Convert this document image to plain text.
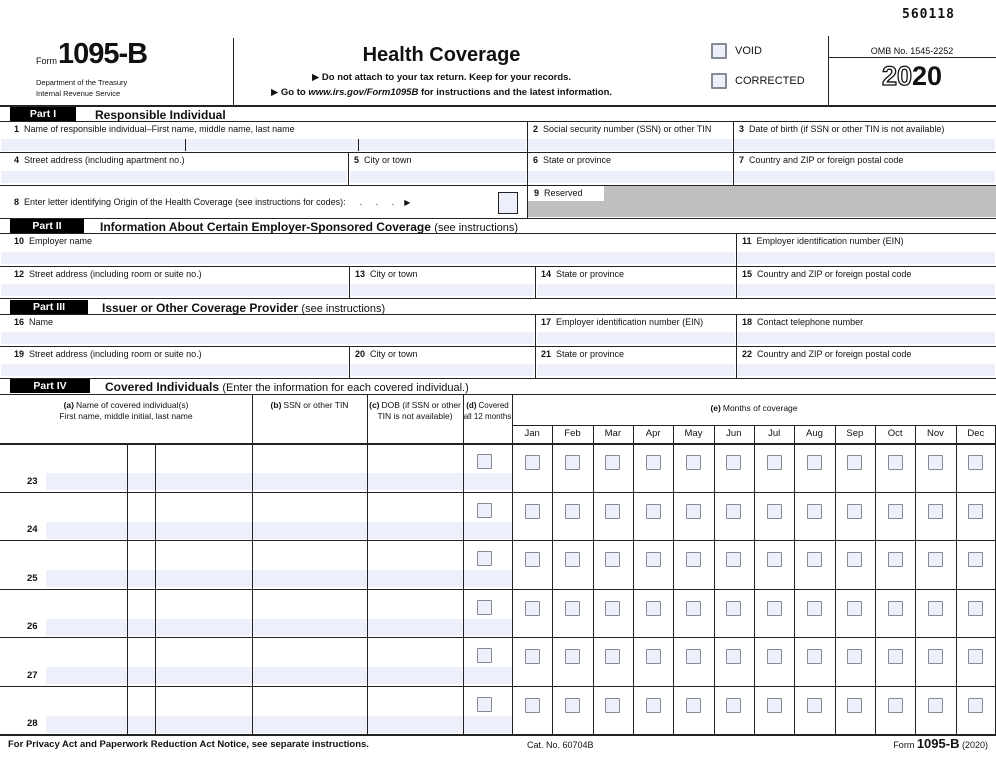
560118
Form 1095-B
Department of the Treasury
Internal Revenue Service
Health Coverage
▶ Do not attach to your tax return. Keep for your records.
▶ Go to www.irs.gov/Form1095B for instructions and the latest information.
VOID
CORRECTED
OMB No. 1545-2252
2020
Part I	Responsible Individual
1 Name of responsible individual–First name, middle name, last name	2 Social security number (SSN) or other TIN	3 Date of birth (if SSN or other TIN is not available)
4 Street address (including apartment no.)	5 City or town	6 State or province	7 Country and ZIP or foreign postal code
8 Enter letter identifying Origin of the Health Coverage (see instructions for codes): . . . ▶
9 Reserved
Part II	Information About Certain Employer-Sponsored Coverage (see instructions)
10 Employer name	11 Employer identification number (EIN)
12 Street address (including room or suite no.)	13 City or town	14 State or province	15 Country and ZIP or foreign postal code
Part III	Issuer or Other Coverage Provider (see instructions)
16 Name	17 Employer identification number (EIN)	18 Contact telephone number
19 Street address (including room or suite no.)	20 City or town	21 State or province	22 Country and ZIP or foreign postal code
Part IV	Covered Individuals (Enter the information for each covered individual.)
(a) Name of covered individual(s)
First name, middle initial, last name
(b) SSN or other TIN	(c) DOB (if SSN or other
TIN is not available)
(d) Covered
all 12 months
(e) Months of coverage
For Privacy Act and Paperwork Reduction Act Notice, see separate instructions.	Cat. No. 60704B	Form 1095-B (2020)
Jan	Feb	Mar	Apr	May	Jun	Jul	Aug	Sep	Oct	Nov	Dec
23
24
25
26
27
28
